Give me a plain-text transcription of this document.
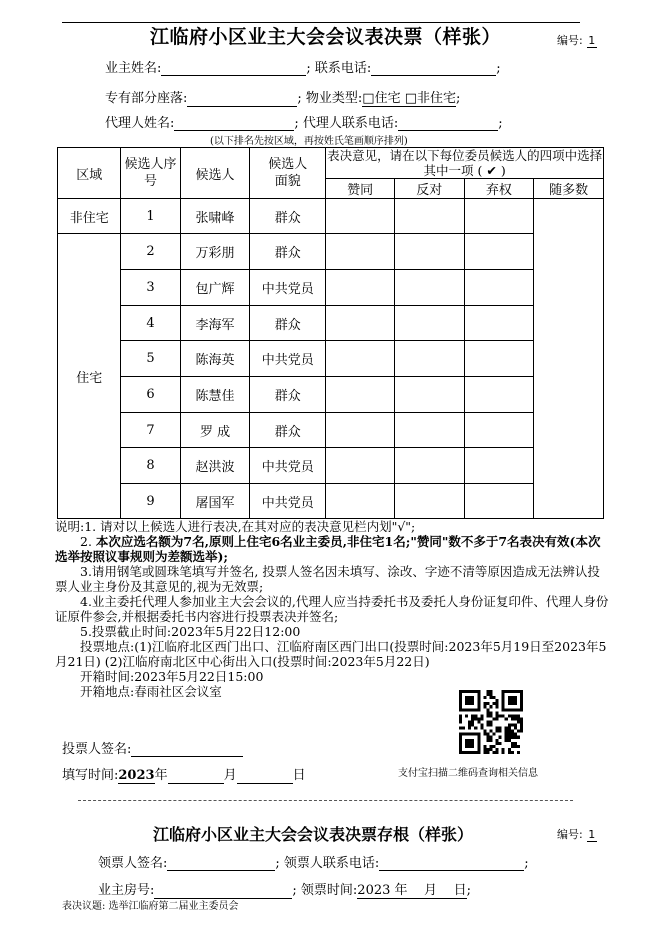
江临府小区业主大会会议表决票（样张）	编号: 1
业主姓名:	; 联系电话:	;
专有部分座落:	; 物业类型:□住宅 □非住宅;
代理人姓名:	; 代理人联系电话:	;
(以下排名先按区域，再按姓氏笔画顺序排列)
区域	候选人序号	候选人	候选人面貌	表决意见，请在以下每位委员候选人的四项中选择其中一项 ( ✔ )			
				赞同	反对	弃权	随多数
非住宅	1	张啸峰	群众				
住宅	2	万彩朋	群众				
	3	包广辉	中共党员				
	4	李海军	群众				
	5	陈海英	中共党员				
	6	陈慧佳	群众				
	7	罗 成	群众				
	8	赵洪波	中共党员				
	9	屠国军	中共党员				

说明:1. 请对以上候选人进行表决,在其对应的表决意见栏内划"√";

2. 本次应选名额为7名,原则上住宅6名业主委员,非住宅1名;"赞同"数不多于7名表决有效(本次选举按照议事规则为差额选举);

3.请用钢笔或圆珠笔填写并签名, 投票人签名因未填写、涂改、字迹不清等原因造成无法辨认投票人业主身份及其意见的,视为无效票;

4.业主委托代理人参加业主大会会议的,代理人应当持委托书及委托人身份证复印件、代理人身份证原件参会,并根据委托书内容进行投票表决并签名;

5.投票截止时间:2023年5月22日12:00

投票地点:(1)江临府北区西门出口、江临府南区西门出口(投票时间:2023年5月19日至2023年5月21日) (2)江临府南北区中心街出入口(投票时间:2023年5月22日)

开箱时间:2023年5月22日15:00

开箱地点:春雨社区会议室

投票人签名:
填写时间:2023年	月	日	支付宝扫描二维码查询相关信息
江临府小区业主大会会议表决票存根（样张）	编号: 1
领票人签名:	; 领票人联系电话:	;
业主房号:	; 领票时间:2023 年    月    日;
表决议题: 选举江临府第二届业主委员会
